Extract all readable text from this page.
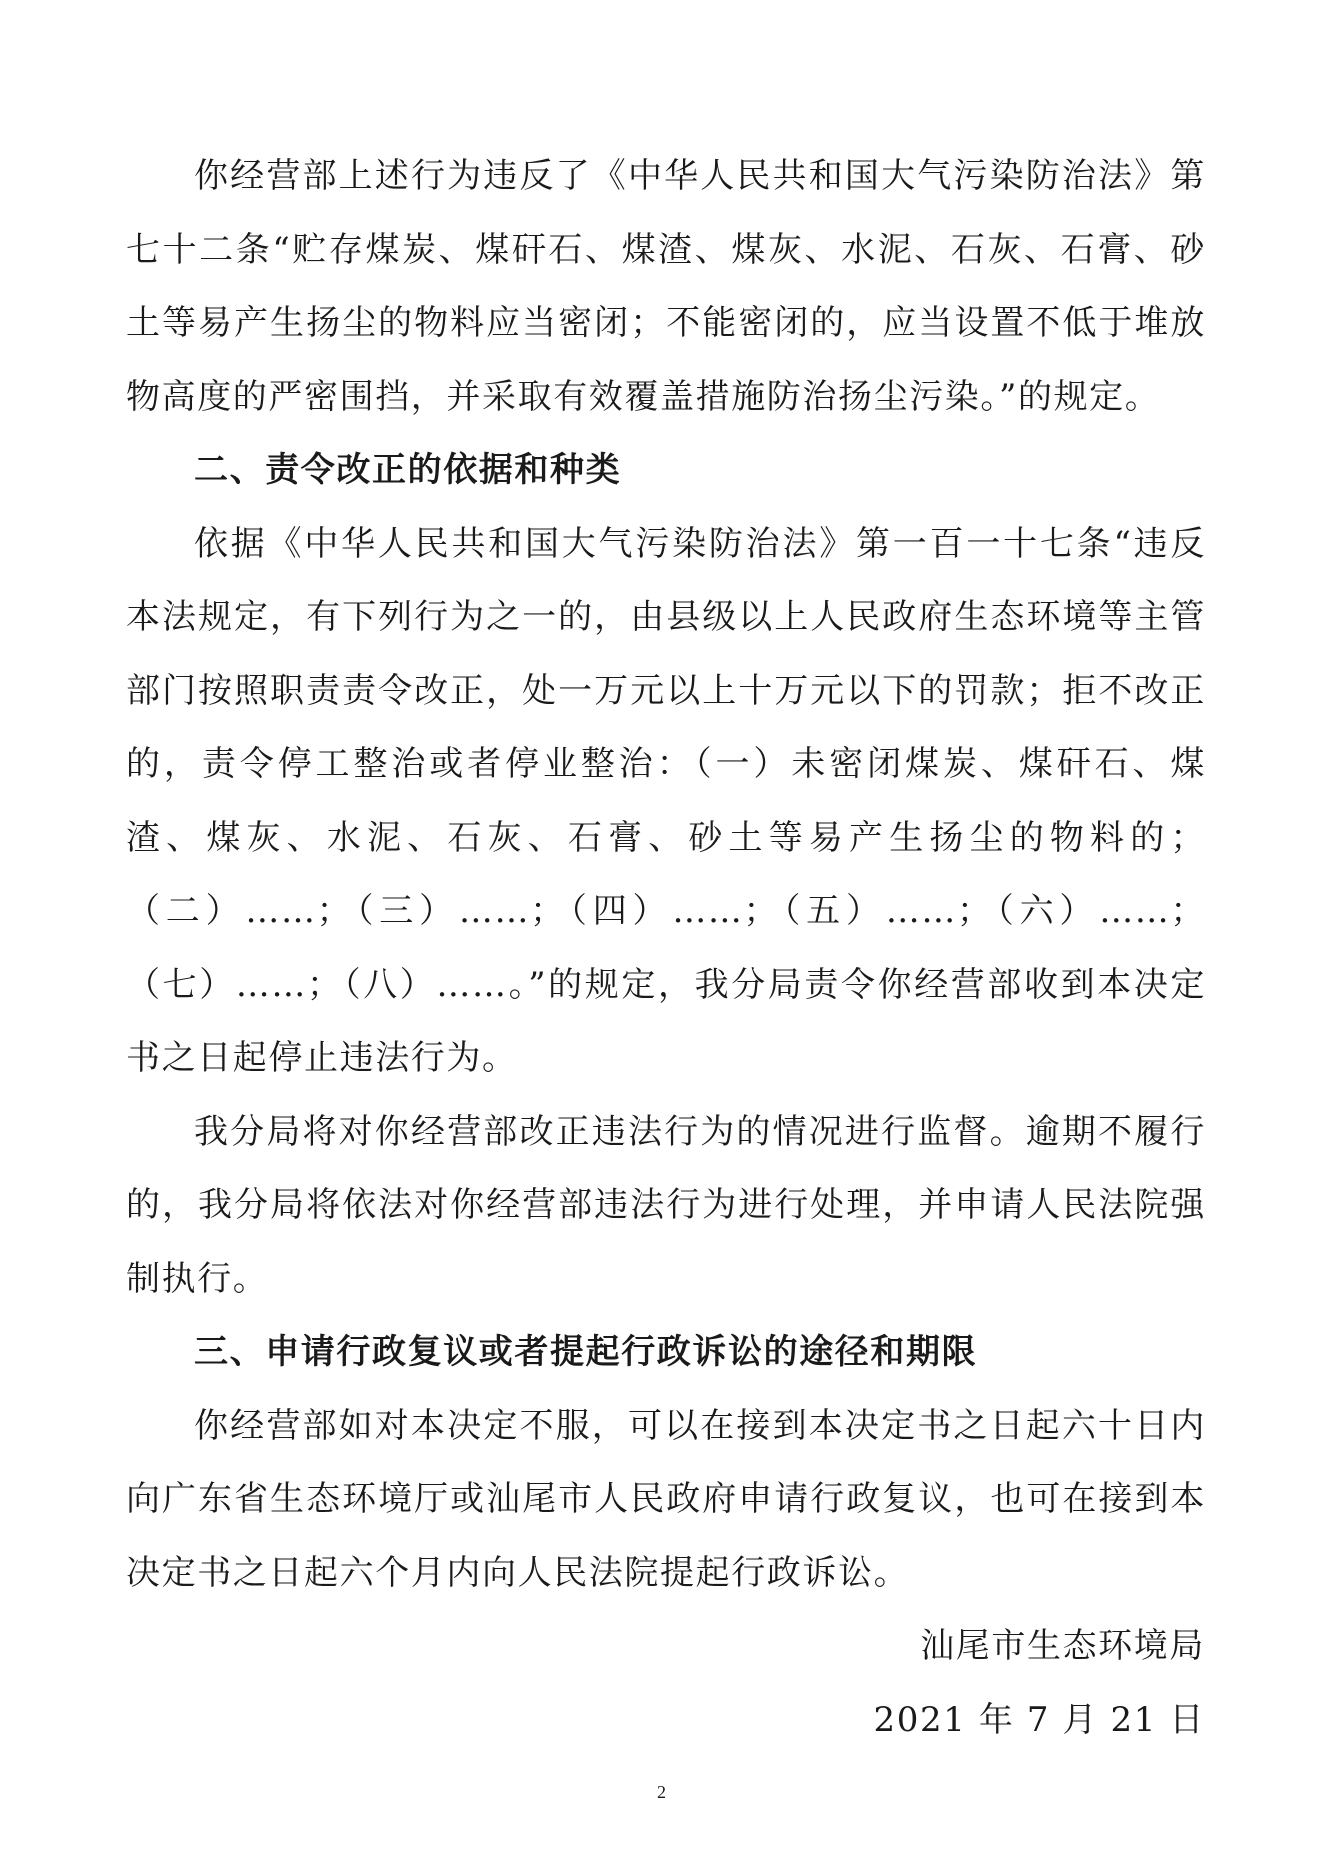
你经营部上述行为违反了《中华人民共和国大气污染防治法》第七十二条“贮存煤炭、煤矸石、煤渣、煤灰、水泥、石灰、石膏、砂土等易产生扬尘的物料应当密闭；不能密闭的，应当设置不低于堆放物高度的严密围挡，并采取有效覆盖措施防治扬尘污染。”的规定。

二、责令改正的依据和种类

依据《中华人民共和国大气污染防治法》第一百一十七条“违反本法规定，有下列行为之一的，由县级以上人民政府生态环境等主管部门按照职责责令改正，处一万元以上十万元以下的罚款；拒不改正的，责令停工整治或者停业整治：（一）未密闭煤炭、煤矸石、煤渣、煤灰、水泥、石灰、石膏、砂土等易产生扬尘的物料的；（二）……；（三）……；（四）……；（五）……；（六）……；（七）……；（八）……。”的规定，我分局责令你经营部收到本决定书之日起停止违法行为。

我分局将对你经营部改正违法行为的情况进行监督。逾期不履行的，我分局将依法对你经营部违法行为进行处理，并申请人民法院强制执行。

三、申请行政复议或者提起行政诉讼的途径和期限

你经营部如对本决定不服，可以在接到本决定书之日起六十日内向广东省生态环境厅或汕尾市人民政府申请行政复议，也可在接到本决定书之日起六个月内向人民法院提起行政诉讼。

汕尾市生态环境局
2021 年 7 月 21 日
2
